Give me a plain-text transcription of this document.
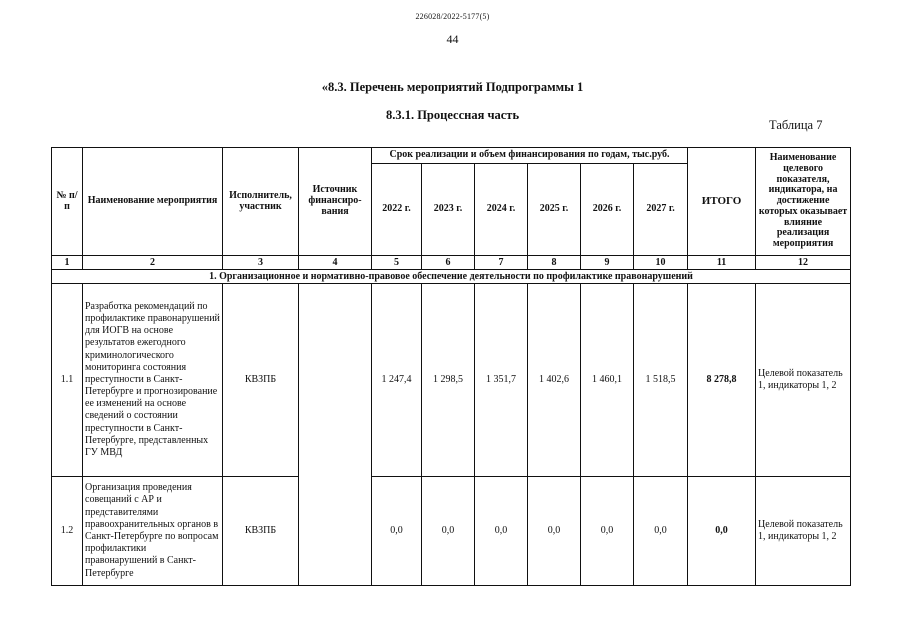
226028/2022-5177(5)
44
«8.3. Перечень мероприятий Подпрограммы 1
8.3.1. Процессная часть
Таблица 7
№ п/п	Наименование мероприятия	Исполнитель, участник	Источник финансиро-вания	Срок реализации и объем финансирования по годам, тыс.руб.						ИТОГО	Наименование целевого показателя, индикатора, на достижение которых оказывает влияние реализация мероприятия
				2022 г.	2023 г.	2024 г.	2025 г.	2026 г.	2027 г.		
1	2	3	4	5	6	7	8	9	10	11	12
1. Организационное и нормативно-правовое обеспечение деятельности по профилактике правонарушений											
1.1	Разработка рекомендаций по профилактике правонарушений для ИОГВ на основе результатов ежегодного криминологического мониторинга состояния преступности в Санкт-Петербурге и прогнозирование ее изменений на основе сведений о состоянии преступности в Санкт-Петербурге, представленных ГУ МВД	КВЗПБ		1 247,4	1 298,5	1 351,7	1 402,6	1 460,1	1 518,5	8 278,8	Целевой показатель 1, индикаторы 1, 2
1.2	Организация проведения совещаний с АР и представителями правоохранительных органов в Санкт-Петербурге по вопросам профилактики правонарушений в Санкт-Петербурге	КВЗПБ		0,0	0,0	0,0	0,0	0,0	0,0	0,0	Целевой показатель 1, индикаторы 1, 2
